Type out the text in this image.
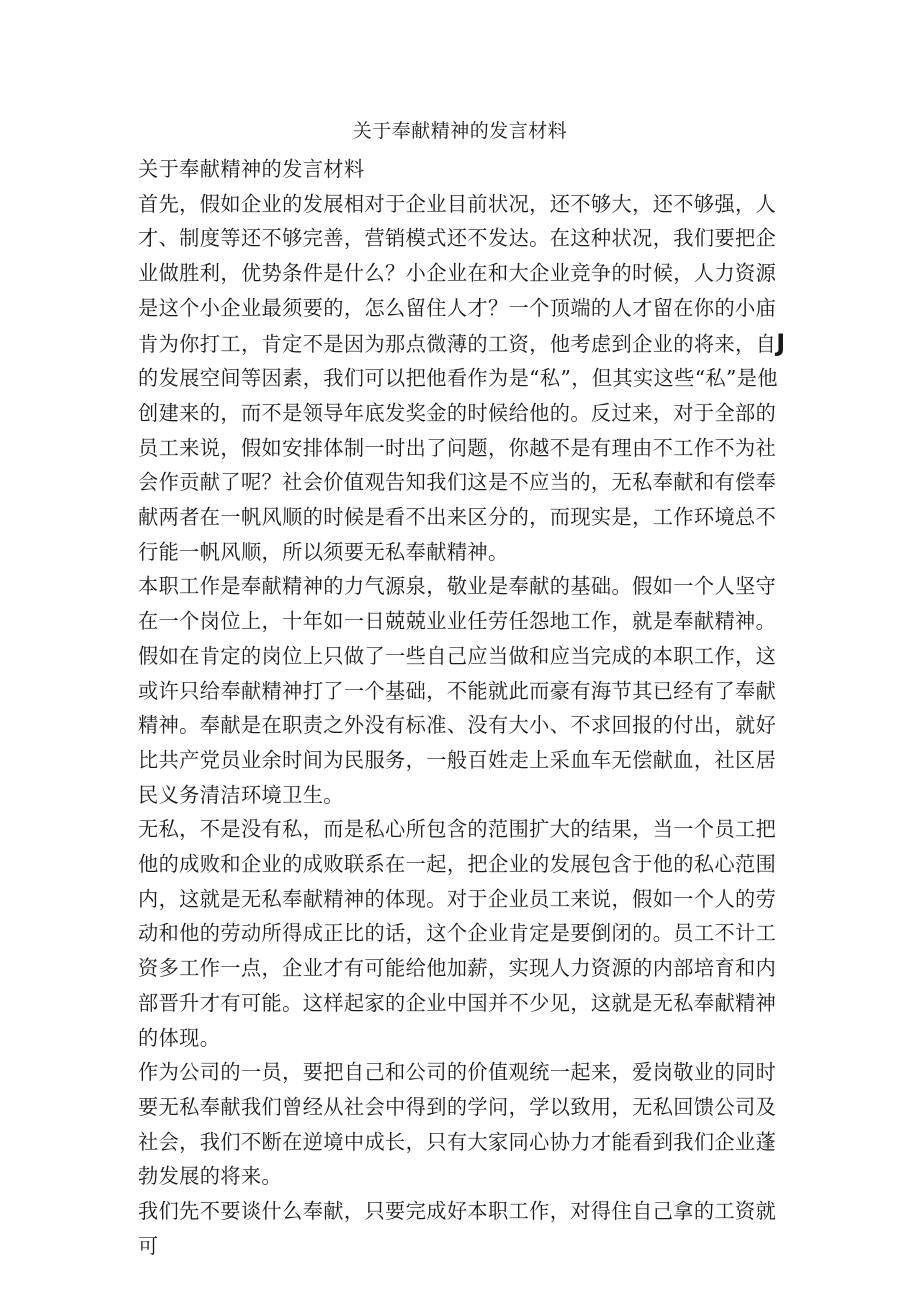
关于奉献精神的发言材料

关于奉献精神的发言材料

首先，假如企业的发展相对于企业目前状况，还不够大，还不够强，人才、制度等还不够完善，营销模式还不发达。在这种状况，我们要把企业做胜利，优势条件是什么？小企业在和大企业竞争的时候，人力资源是这个小企业最须要的，怎么留住人才？一个顶端的人才留在你的小庙肯为你打工，肯定不是因为那点微薄的工资，他考虑到企业的将来，自J的发展空间等因素，我们可以把他看作为是“私”，但其实这些“私”是他创建来的，而不是领导年底发奖金的时候给他的。反过来，对于全部的员工来说，假如安排体制一时出了问题，你越不是有理由不工作不为社会作贡献了呢？社会价值观告知我们这是不应当的，无私奉献和有偿奉献两者在一帆风顺的时候是看不出来区分的，而现实是，工作环境总不行能一帆风顺，所以须要无私奉献精神。

本职工作是奉献精神的力气源泉，敬业是奉献的基础。假如一个人坚守在一个岗位上，十年如一日兢兢业业任劳任怨地工作，就是奉献精神。假如在肯定的岗位上只做了一些自己应当做和应当完成的本职工作，这或许只给奉献精神打了一个基础，不能就此而豪有海节其已经有了奉献精神。奉献是在职责之外没有标准、没有大小、不求回报的付出，就好比共产党员业余时间为民服务，一般百姓走上采血车无偿献血，社区居民义务清洁环境卫生。

无私，不是没有私，而是私心所包含的范围扩大的结果，当一个员工把他的成败和企业的成败联系在一起，把企业的发展包含于他的私心范围内，这就是无私奉献精神的体现。对于企业员工来说，假如一个人的劳动和他的劳动所得成正比的话，这个企业肯定是要倒闭的。员工不计工资多工作一点，企业才有可能给他加薪，实现人力资源的内部培育和内部晋升才有可能。这样起家的企业中国并不少见，这就是无私奉献精神的体现。

作为公司的一员，要把自己和公司的价值观统一起来，爱岗敬业的同时要无私奉献我们曾经从社会中得到的学问，学以致用，无私回馈公司及社会，我们不断在逆境中成长，只有大家同心协力才能看到我们企业蓬勃发展的将来。

我们先不要谈什么奉献，只要完成好本职工作，对得住自己拿的工资就可
